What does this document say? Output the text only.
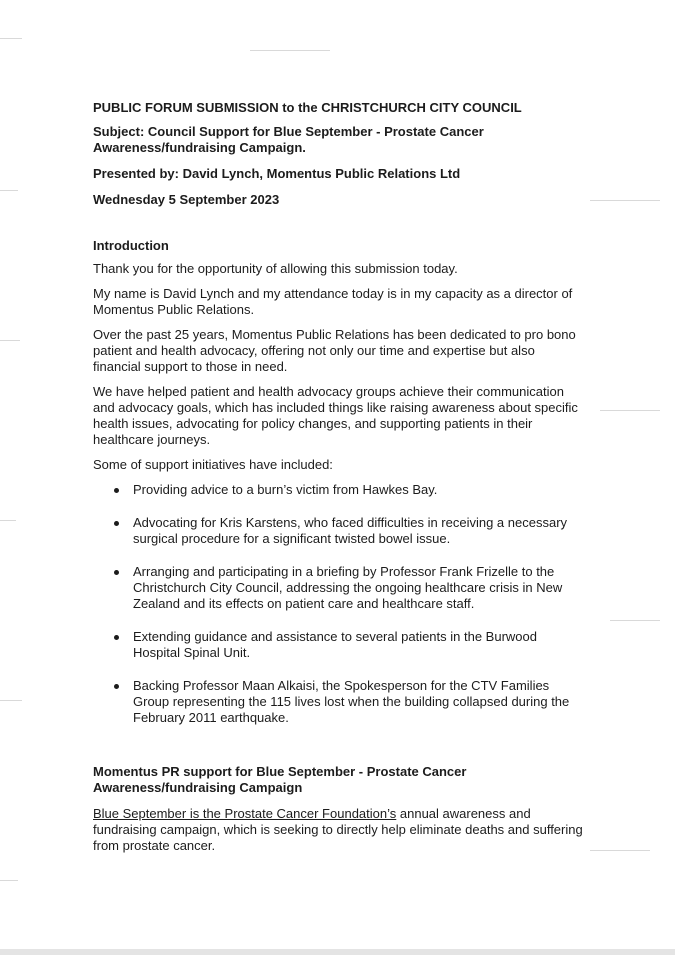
PUBLIC FORUM SUBMISSION to the CHRISTCHURCH CITY COUNCIL
Subject: Council Support for Blue September - Prostate Cancer Awareness/fundraising Campaign.
Presented by: David Lynch, Momentus Public Relations Ltd
Wednesday 5 September 2023
Introduction

Thank you for the opportunity of allowing this submission today.

My name is David Lynch and my attendance today is in my capacity as a director of Momentus Public Relations.

Over the past 25 years, Momentus Public Relations has been dedicated to pro bono patient and health advocacy, offering not only our time and expertise but also financial support to those in need.

We have helped patient and health advocacy groups achieve their communication and advocacy goals, which has included things like raising awareness about specific health issues, advocating for policy changes, and supporting patients in their healthcare journeys.

Some of support initiatives have included:

Providing advice to a burn’s victim from Hawkes Bay.
Advocating for Kris Karstens, who faced difficulties in receiving a necessary surgical procedure for a significant twisted bowel issue.
Arranging and participating in a briefing by Professor Frank Frizelle to the Christchurch City Council, addressing the ongoing healthcare crisis in New Zealand and its effects on patient care and healthcare staff.
Extending guidance and assistance to several patients in the Burwood Hospital Spinal Unit.
Backing Professor Maan Alkaisi, the Spokesperson for the CTV Families Group representing the 115 lives lost when the building collapsed during the February 2011 earthquake.
Momentus PR support for Blue September - Prostate Cancer Awareness/fundraising Campaign

Blue September is the Prostate Cancer Foundation’s annual awareness and fundraising campaign, which is seeking to directly help eliminate deaths and suffering from prostate cancer.
